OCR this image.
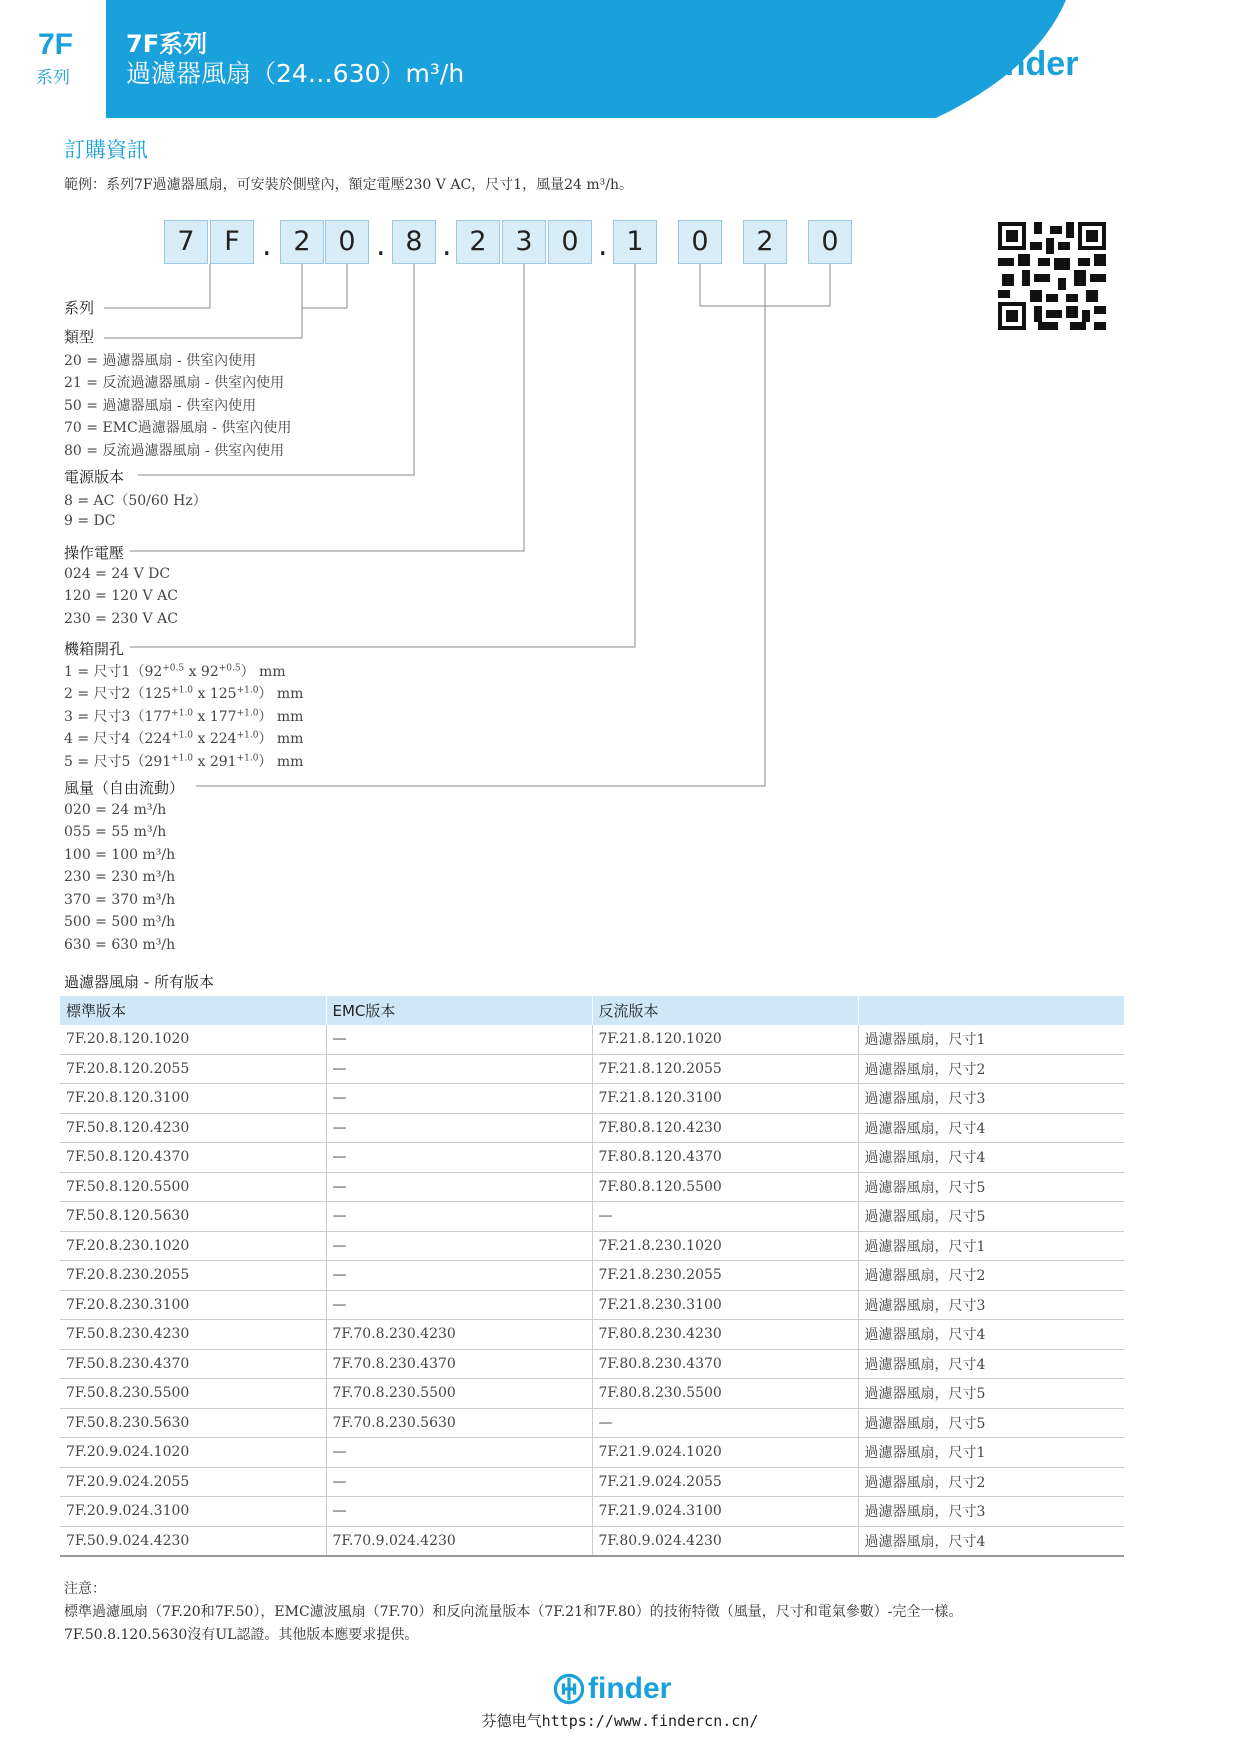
7F
系列
7F系列
過濾器風扇（24…630）m³/h	finder
訂購資訊
範例：系列7F過濾器風扇，可安裝於側壁內，額定電壓230 V AC，尺寸1，風量24 m³/h。
7	F . 2	0 . 8 . 2	3	0 . 1	0	2	0
系列
類型
20 = 過濾器風扇 - 供室內使用
21 = 反流過濾器風扇 - 供室內使用
50 = 過濾器風扇 - 供室內使用
70 = EMC過濾器風扇 - 供室內使用
80 = 反流過濾器風扇 - 供室內使用
電源版本
8 = AC（50/60 Hz）
9 = DC
操作電壓
024 = 24 V DC
120 = 120 V AC
230 = 230 V AC
機箱開孔
1 = 尺寸$1(92^{+0.5}$ x $92^{+0.5}$） mm
2 = 尺寸$2(125^{+1.0}$ x $125^{+1.0}$） mm
3 = 尺寸$3(177^{+1.0}$ x $177^{+1.0}$） mm
4 = 尺寸$4(224^{+1.0}$ x $224^{+1.0}$） mm
5 = 尺寸$5(291^{+1.0}$ x $291^{+1.0}$） mm
風量（自由流動）
020 = 24 m³/h
055 = 55 m³/h
100 = 100 m³/h
230 = 230 m³/h
370 = 370 m³/h
500 = 500 m³/h
630 = 630 m³/h
過濾器風扇 - 所有版本
標準版本	EMC版本	反流版本	
7F.20.8.120.1020	—	7F.21.8.120.1020	過濾器風扇，尺寸1
7F.20.8.120.2055	—	7F.21.8.120.2055	過濾器風扇，尺寸2
7F.20.8.120.3100	—	7F.21.8.120.3100	過濾器風扇，尺寸3
7F.50.8.120.4230	—	7F.80.8.120.4230	過濾器風扇，尺寸4
7F.50.8.120.4370	—	7F.80.8.120.4370	過濾器風扇，尺寸4
7F.50.8.120.5500	—	7F.80.8.120.5500	過濾器風扇，尺寸5
7F.50.8.120.5630	—	—	過濾器風扇，尺寸5
7F.20.8.230.1020	—	7F.21.8.230.1020	過濾器風扇，尺寸1
7F.20.8.230.2055	—	7F.21.8.230.2055	過濾器風扇，尺寸2
7F.20.8.230.3100	—	7F.21.8.230.3100	過濾器風扇，尺寸3
7F.50.8.230.4230	7F.70.8.230.4230	7F.80.8.230.4230	過濾器風扇，尺寸4
7F.50.8.230.4370	7F.70.8.230.4370	7F.80.8.230.4370	過濾器風扇，尺寸4
7F.50.8.230.5500	7F.70.8.230.5500	7F.80.8.230.5500	過濾器風扇，尺寸5
7F.50.8.230.5630	7F.70.8.230.5630	—	過濾器風扇，尺寸5
7F.20.9.024.1020	—	7F.21.9.024.1020	過濾器風扇，尺寸1
7F.20.9.024.2055	—	7F.21.9.024.2055	過濾器風扇，尺寸2
7F.20.9.024.3100	—	7F.21.9.024.3100	過濾器風扇，尺寸3
7F.50.9.024.4230	7F.70.9.024.4230	7F.80.9.024.4230	過濾器風扇，尺寸4
注意：
標準過濾風扇（7F.20和7F.50），EMC濾波風扇（7F.70）和反向流量版本（7F.21和7F.80）的技術特徵（風量，尺寸和電氣參數）-完全一樣。
7F.50.8.120.5630沒有UL認證。其他版本應要求提供。
finder
芬德电气https://www.findercn.cn/
